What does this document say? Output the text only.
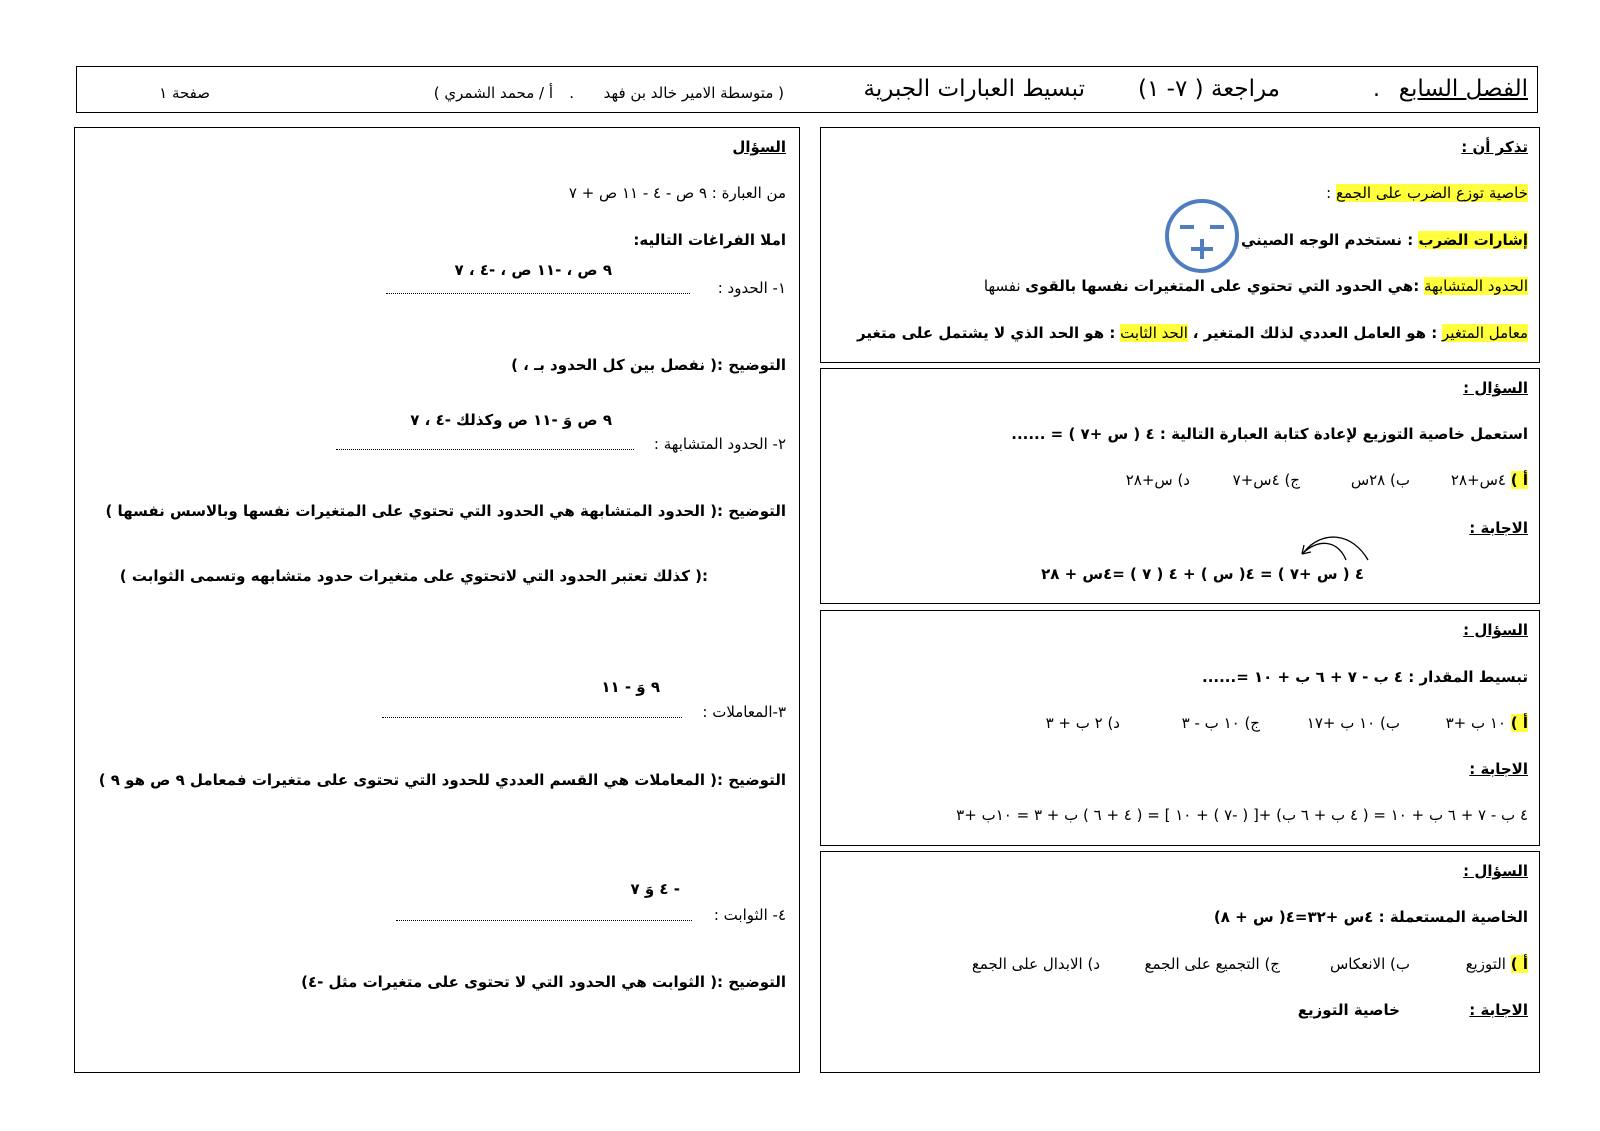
الفصل السابع
.
مراجعة ( ٧- ١)
تبسيط العبارات الجبرية
( متوسطة الامير خالد بن فهد
.
أ / محمد الشمري )
صفحة ١
السؤال
من العبارة : ٩ ص - ٤ - ١١ ص + ٧
املا الفراغات التاليه:
٩ ص ، -١١ ص ، -٤ ، ٧
١- الحدود :
التوضيح :( نفصل بين كل الحدود بـ ، )
٩ ص وَ -١١ ص وكذلك -٤ ، ٧
٢- الحدود المتشابهة :
التوضيح :( الحدود المتشابهة هي الحدود التي تحتوي على المتغيرات نفسها وبالاسس نفسها )
:( كذلك تعتبر الحدود التي لاتحتوي على متغيرات حدود متشابهه وتسمى الثوابت )
٩ وَ - ١١
٣-المعاملات :
التوضيح :( المعاملات هي القسم العددي للحدود التي تحتوى على متغيرات فمعامل ٩ ص هو ٩ )
- ٤ وَ ٧
٤- الثوابت :
التوضيح :( الثوابت هي الحدود التي لا تحتوى على متغيرات مثل -٤)
تذكر أن :
خاصية توزع الضرب على الجمع :
إشارات الضرب : نستخدم الوجه الصيني
الحدود المتشابهة :هي الحدود التي تحتوي على المتغيرات نفسها بالقوى نفسها
معامل المتغير : هو العامل العددي لذلك المتغير ، الحد الثابت : هو الحد الذي لا يشتمل على متغير
السؤال :
استعمل خاصية التوزيع لإعادة كتابة العبارة التالية : ٤ ( س +٧ ) = ......
أ ) ٤س+٢٨
ب) ٢٨س
ج) ٤س+٧
د) س+٢٨
الاجابة :
٤ ( س +٧ ) = ٤( س ) + ٤ ( ٧ ) =٤س + ٢٨
السؤال :
تبسيط المقدار : ٤ ب - ٧ + ٦ ب + ١٠ =......
أ ) ١٠ ب +٣
ب) ١٠ ب +١٧
ج) ١٠ ب - ٣
د) ٢ ب + ٣
الاجابة :
٤ ب - ٧ + ٦ ب + ١٠ = ( ٤ ب + ٦ ب) +[ ( -٧ ) + ١٠ ] = ( ٤ + ٦ ) ب + ٣ = ١٠ب +٣
السؤال :
الخاصية المستعملة : ٤س +٣٢=٤( س + ٨)
أ ) التوزيع
ب) الانعكاس
ج) التجميع على الجمع
د) الابدال على الجمع
الاجابة :
خاصية التوزيع
